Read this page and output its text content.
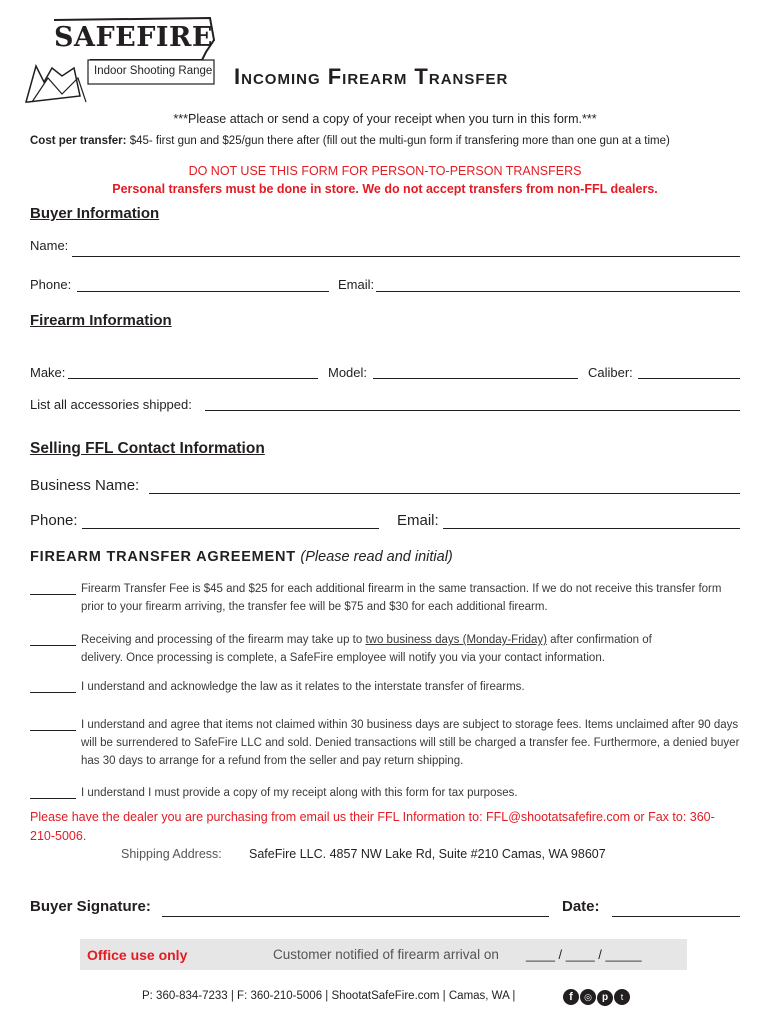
SAFEFIRE
Indoor Shooting Range Incoming Firearm Transfer
***Please attach or send a copy of your receipt when you turn in this form.***
Cost per transfer: $45- first gun and $25/gun there after (fill out the multi-gun form if transfering more than one gun at a time)
DO NOT USE THIS FORM FOR PERSON-TO-PERSON TRANSFERS
Personal transfers must be done in store. We do not accept transfers from non-FFL dealers.
Buyer Information
Name:
Phone:	Email:
Firearm Information
Make:	Model:	Caliber:
List all accessories shipped:
Selling FFL Contact Information
Business Name:
Phone:	Email:
FIREARM TRANSFER AGREEMENT (Please read and initial)
Firearm Transfer Fee is $45 and $25 for each additional firearm in the same transaction. If we do not receive this transfer form prior to your firearm arriving, the transfer fee will be $75 and $30 for each additional firearm.
Receiving and processing of the firearm may take up to two business days (Monday-Friday) after confirmation of delivery. Once processing is complete, a SafeFire employee will notify you via your contact information.
I understand and acknowledge the law as it relates to the interstate transfer of firearms.
I understand and agree that items not claimed within 30 business days are subject to storage fees. Items unclaimed after 90 days will be surrendered to SafeFire LLC and sold. Denied transactions will still be charged a transfer fee. Furthermore, a denied buyer has 30 days to arrange for a refund from the seller and pay return shipping.
I understand I must provide a copy of my receipt along with this form for tax purposes.
Please have the dealer you are purchasing from email us their FFL Information to: FFL@shootatsafefire.com or Fax to: 360-210-5006.
Shipping Address: SafeFire LLC. 4857 NW Lake Rd, Suite #210 Camas, WA 98607
Buyer Signature:	Date:
Office use only	Customer notified of firearm arrival on ____ / ____ / _____
P: 360-834-7233 | F: 360-210-5006 | ShootatSafeFire.com | Camas, WA |	f ◎ p t
